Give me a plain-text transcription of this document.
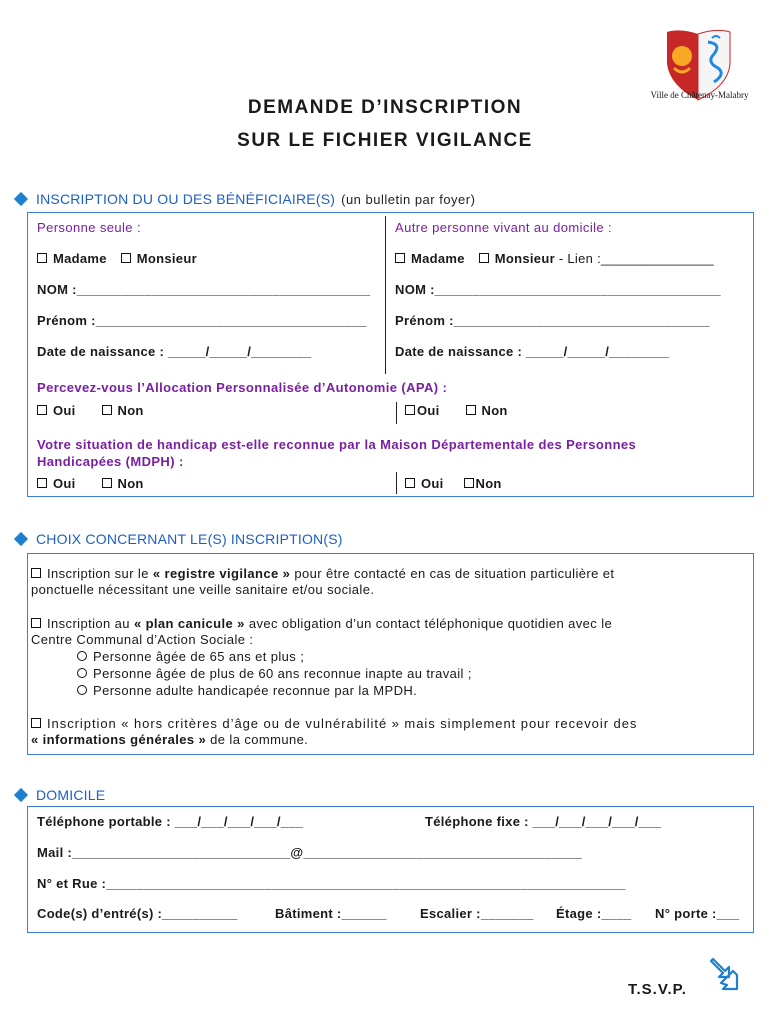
Ville de Châtenay-Malabry
DEMANDE D’INSCRIPTION
SUR LE FICHIER VIGILANCE
INSCRIPTION DU OU DES BÉNÉFICIAIRE(S) (un bulletin par foyer)
Personne seule :
Madame Monsieur
NOM :_______________________________________
Prénom :____________________________________
Date de naissance : _____/_____/________
Autre personne vivant au domicile :
Madame Monsieur - Lien :_______________
NOM :______________________________________
Prénom :__________________________________
Date de naissance : _____/_____/________
Percevez-vous l’Allocation Personnalisée d’Autonomie (APA) :
Oui	Non	Oui	Non
Votre situation de handicap est-elle reconnue par la Maison Départementale des Personnes
Handicapées (MDPH) :
Oui	Non	Oui Non
CHOIX CONCERNANT LE(S) INSCRIPTION(S)
Inscription sur le « registre vigilance » pour être contacté en cas de situation particulière et
ponctuelle nécessitant une veille sanitaire et/ou sociale.
Inscription au « plan canicule » avec obligation d’un contact téléphonique quotidien avec le
Centre Communal d’Action Sociale :
Personne âgée de 65 ans et plus ;
Personne âgée de plus de 60 ans reconnue inapte au travail ;
Personne adulte handicapée reconnue par la MPDH.
Inscription « hors critères d’âge ou de vulnérabilité » mais simplement pour recevoir des
« informations générales » de la commune.
DOMICILE
Téléphone portable : ___/___/___/___/___	Téléphone fixe : ___/___/___/___/___
Mail :_____________________________@_____________________________________
N° et Rue :_____________________________________________________________________
Code(s) d’entré(s) :__________	Bâtiment :______	Escalier :_______ Étage :____ N° porte :___
T.S.V.P.
